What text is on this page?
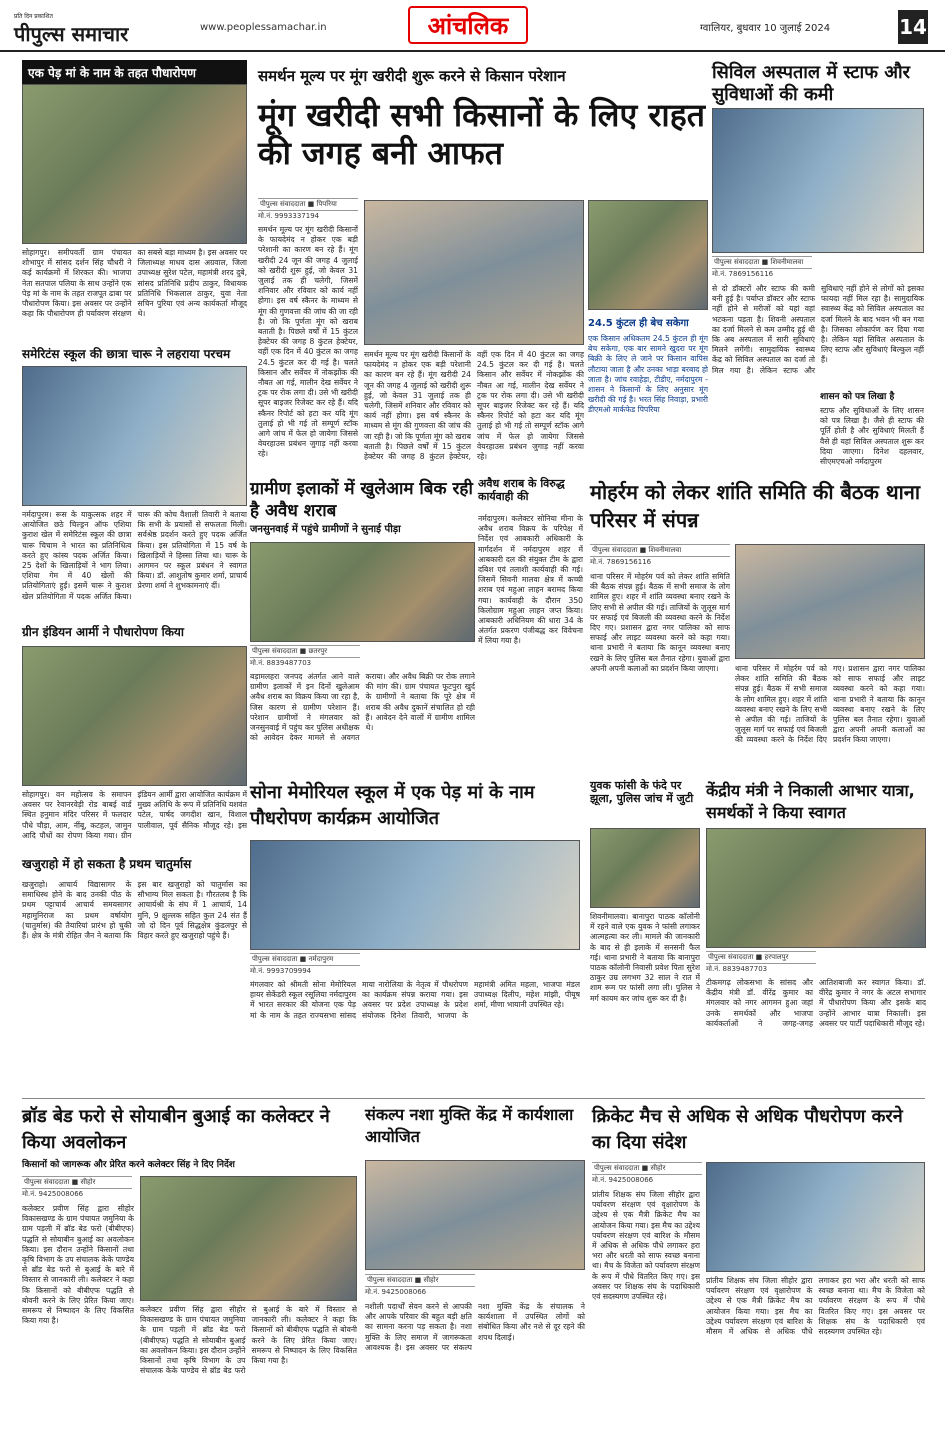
प्रति दिन प्रकाशित
पीपुल्स समाचार	www.peoplessamachar.in	आंचलिक	ग्वालियर, बुधवार 10 जुलाई 2024	14
एक पेड़ मां के नाम के तहत पौधारोपण
सोहागपुर। समीपवर्ती ग्राम पंचायत शोभापुर में सांसद दर्शन सिंह चौधरी ने कई कार्यक्रमों में शिरकत की। भाजपा नेता सतपाल पलिया के साथ उन्होंने एक पेड़ मां के नाम के तहत राजपूत ढाबा पर पौधारोपण किया। इस अवसर पर उन्होंने कहा कि पौधारोपण ही पर्यावरण संरक्षण का सबसे बड़ा माध्यम है। इस अवसर पर जिलाध्यक्ष माधव दास अग्रवाल, जिला उपाध्यक्ष सुरेश पटेल, महामंत्री शरद दुबे, सांसद प्रतिनिधि प्रदीप ठाकुर, विधायक प्रतिनिधि भिकलाल ठाकुर, युवा नेता सचिन पुरिया एवं अन्य कार्यकर्ता मौजूद थे।
समेरिटंस स्कूल की छात्रा चारू ने लहराया परचम
नर्मदापुरम। रूस के याकुत्सक शहर में आयोजित छठे चिल्ड्रन ऑफ एशिया कुराश खेल में समेरिटंस स्कूल की छात्रा चारू चिचाम ने भारत का प्रतिनिधित्व करते हुए कांस्य पदक अर्जित किया। 25 देशों के खिलाड़ियों ने भाग लिया। एशिया गेम में 40 खेलों की प्रतियोगिताएं हुईं। इसमें चारू ने कुराश खेल प्रतियोगिता में पदक अर्जित किया। चारू की कोच वैशाली तिवारी ने बताया कि सभी के प्रयासों से सफलता मिली। सर्वश्रेष्ठ प्रदर्शन करते हुए पदक अर्जित किया। इस प्रतियोगिता में 15 वर्ष के खिलाड़ियों ने हिस्सा लिया था। चारू के आगमन पर स्कूल प्रबंधन ने स्वागत किया। डॉ. आशुतोष कुमार शर्मा, प्राचार्य प्रेरणा शर्मा ने शुभकामनाएं दीं।
ग्रीन इंडियन आर्मी ने पौधारोपण किया
सोहागपुर। वन महोत्सव के समापन अवसर पर रेवानरवेड़ी रोड बाबई वार्ड स्थित हनुमान मंदिर परिसर में फलदार पौधे चौड़ा, आम, नींबू, कटहल, जामुन आदि पौधों का रोपण किया गया। ग्रीन इंडियन आर्मी द्वारा आयोजित कार्यक्रम में मुख्य अतिथि के रूप में प्रतिनिधि यशवंत पटेल, पार्षद जगदीश खान, विशाल पालीवाल, पूर्व सैनिक मौजूद रहे। इस
खजुराहो में हो सकता है प्रथम चातुर्मास
खजुराहो। आचार्य विद्यासागर के समाधिस्थ होने के बाद उनकी पीठ के प्रथम पट्टाचार्य आचार्य समयसागर महामुनिराज का प्रथम वर्षायोग (चातुर्मास) की तैयारियां प्रारंभ हो चुकी हैं। क्षेत्र के मंत्री रोहित जैन ने बताया कि इस बार खजुराहो को चातुर्मास का सौभाग्य मिल सकता है। गौरतलब है कि आचार्यश्री के संघ में 1 आचार्य, 14 मुनि, 9 क्षुल्लक सहित कुल 24 संत हैं जो दो दिन पूर्व सिद्धक्षेत्र कुंडलपुर से विहार करते हुए खजुराहो पहुंचे हैं।
समर्थन मूल्य पर मूंग खरीदी शुरू करने से किसान परेशान
मूंग खरीदी सभी किसानों के लिए राहत की जगह बनी आफत
पीपुल्स संवाददाता ■ पिपरिया
मो.नं. 9993337194
समर्थन मूल्य पर मूंग खरीदी किसानों के फायदेमंद न होकर एक बड़ी परेशानी का कारण बन रहे हैं। मूंग खरीदी 24 जून की जगह 4 जुलाई को खरीदी शुरू हुई, जो केवल 31 जुलाई तक ही चलेगी, जिसमें शनिवार और रविवार को कार्य नहीं होगा। इस वर्ष स्कैनर के माध्यम से मूंग की गुणवत्ता की जांच की जा रही है। जो कि पूर्णता मूंग को खराब बताती है। पिछले वर्षों में 15 कुंटल हेक्टेयर की जगह 8 कुंटल हेक्टेयर, वहीं एक दिन में 40 कुंटल का जगह 24.5 कुंटल कर दी गई है। चलते किसान और सर्वेयर में नोकझोंक की नौबत आ गई, मालीन देख सर्वेयर ने ट्रक पर रोक लगा दी। उसे भी खरीदी सूपर बाइजर रिजेक्ट कर रहे हैं। यदि स्कैनर रिपोर्ट को हटा कर यदि मूंग तुलाई हो भी गई तो सम्पूर्ण स्टॉक आगे जांच में फेल हो जायेगा जिससे वेयरहाउस प्रबंधन जुगाड़ नहीं करवा रहे।
समर्थन मूल्य पर मूंग खरीदी किसानों के फायदेमंद न होकर एक बड़ी परेशानी का कारण बन रहे हैं। मूंग खरीदी 24 जून की जगह 4 जुलाई को खरीदी शुरू हुई, जो केवल 31 जुलाई तक ही चलेगी, जिसमें शनिवार और रविवार को कार्य नहीं होगा। इस वर्ष स्कैनर के माध्यम से मूंग की गुणवत्ता की जांच की जा रही है। जो कि पूर्णता मूंग को खराब बताती है। पिछले वर्षों में 15 कुंटल हेक्टेयर की जगह 8 कुंटल हेक्टेयर, वहीं एक दिन में 40 कुंटल का जगह 24.5 कुंटल कर दी गई है। चलते किसान और सर्वेयर में नोकझोंक की नौबत आ गई, मालीन देख सर्वेयर ने ट्रक पर रोक लगा दी। उसे भी खरीदी सूपर बाइजर रिजेक्ट कर रहे हैं। यदि स्कैनर रिपोर्ट को हटा कर यदि मूंग तुलाई हो भी गई तो सम्पूर्ण स्टॉक आगे जांच में फेल हो जायेगा जिससे वेयरहाउस प्रबंधन जुगाड़ नहीं करवा रहे।
24.5 कुंटल ही बेच सकेगा
एक किसान अधिकतम 24.5 कुंटल ही मूंग बेच सकेगा, एक बार सामने खुदरा पर मूंग बिक्री के लिए ले जाने पर किसान वापिस लौटाया जाता है और उनका भाड़ा बरबाद हो जाता है। जांच रवाहेड़ा, टीडीए, नर्मदापुरम - शासन ने किसानों के लिए अनुसार मूंग खरीदी की गई है। भरत सिंह निवाड़ा, प्रभारी डीएमओ मार्कफेड पिपरिया
सिविल अस्पताल में स्टाफ और सुविधाओं की कमी
पीपुल्स संवाददाता ■ शिवनीमालवा
मो.नं. 7869156116
से दो डॉक्टरों और स्टाफ की कमी बनी हुई है। पर्याप्त डॉक्टर और स्टाफ नहीं होने से मरीजों को यहां वहां भटकना पड़ता है। शिवनी अस्पताल का दर्जा मिलने से कम उम्मीद हुई थी कि अब अस्पताल में सारी सुविधाएं मिलने लगेंगी। सामुदायिक स्वास्थ्य केंद्र को सिविल अस्पताल का दर्जा तो मिल गया है। लेकिन स्टाफ और सुविधाएं नहीं होने से लोगों को इसका फायदा नहीं मिल रहा है। सामुदायिक स्वास्थ्य केंद्र को सिविल अस्पताल का दर्जा मिलने के बाद भवन भी बन गया है। जिसका लोकार्पण कर दिया गया है। लेकिन यहां सिविल अस्पताल के लिए स्टाफ और सुविधाएं बिल्कुल नहीं हैं।
शासन को पत्र लिखा है
स्टाफ और सुविधाओं के लिए शासन को पत्र लिखा है। जैसे ही स्टाफ की पूर्ति होती है और सुविधाएं मिलती हैं वैसे ही यहां सिविल अस्पताल शुरू कर दिया जाएगा। दिनेश दहलवार, सीएमएचओ नर्मदापुरम
ग्रामीण इलाकों में खुलेआम बिक रही है अवैध शराब
जनसुनवाई में पहुंचे ग्रामीणों ने सुनाई पीड़ा
पीपुल्स संवाददाता ■ छतरपुर
मो.नं. 8839487703
बड़ामलहरा जनपद अंतर्गत आने वाले ग्रामीण इलाकों में इन दिनों खुलेआम अवैध शराब का विक्रय किया जा रहा है, जिस कारण से ग्रामीण परेशान हैं। परेशान ग्रामीणों ने मंगलवार को जनसुनवाई में पहुंच कर पुलिस अधीक्षक को आवेदन देकर मामले से अवगत कराया। और अवैध बिक्री पर रोक लगाने की मांग की। ग्राम पंचायत फूटपुरा खुर्द के ग्रामीणों ने बताया कि पूरे क्षेत्र में शराब की अवैध दुकानें संचालित हो रही हैं। आवेदन देने वालों में ग्रामीण शामिल थे।
अवैध शराब के विरुद्ध कार्यवाही की
नर्मदापुरम। कलेक्टर सोनिया मीना के अवैध शराब विक्रय के परिपेक्ष में निर्देश एवं आबकारी अधिकारी के मार्गदर्शन में नर्मदापुरम शहर में आबकारी दल की संयुक्त टीम के द्वारा दबिश एवं तलाशी कार्यवाही की गई। जिसमें सिवनी मालवा क्षेत्र में कच्ची शराब एवं महुआ लाहन बरामद किया गया। कार्यवाही के दौरान 350 किलोग्राम महुआ लाहन जप्त किया। आबकारी अधिनियम की धारा 34 के अंतर्गत प्रकरण पंजीबद्ध कर विवेचना में लिया गया है।
मोहर्रम को लेकर शांति समिति की बैठक थाना परिसर में संपन्न
पीपुल्स संवाददाता ■ शिवनीमालवा
मो.नं. 7869156116
थाना परिसर में मोहर्रम पर्व को लेकर शांति समिति की बैठक संपन्न हुई। बैठक में सभी समाज के लोग शामिल हुए। शहर में शांति व्यवस्था बनाए रखने के लिए सभी से अपील की गई। ताजियों के जुलूस मार्ग पर सफाई एवं बिजली की व्यवस्था करने के निर्देश दिए गए। प्रशासन द्वारा नगर पालिका को साफ सफाई और लाइट व्यवस्था करने को कहा गया। थाना प्रभारी ने बताया कि कानून व्यवस्था बनाए रखने के लिए पुलिस बल तैनात रहेगा। युवाओं द्वारा अपनी अपनी कलाओं का प्रदर्शन किया जाएगा।	थाना परिसर में मोहर्रम पर्व को लेकर शांति समिति की बैठक संपन्न हुई। बैठक में सभी समाज के लोग शामिल हुए। शहर में शांति व्यवस्था बनाए रखने के लिए सभी से अपील की गई। ताजियों के जुलूस मार्ग पर सफाई एवं बिजली की व्यवस्था करने के निर्देश दिए गए। प्रशासन द्वारा नगर पालिका को साफ सफाई और लाइट व्यवस्था करने को कहा गया। थाना प्रभारी ने बताया कि कानून व्यवस्था बनाए रखने के लिए पुलिस बल तैनात रहेगा। युवाओं द्वारा अपनी अपनी कलाओं का प्रदर्शन किया जाएगा।
सोना मेमोरियल स्कूल में एक पेड़ मां के नाम पौधरोपण कार्यक्रम आयोजित
पीपुल्स संवाददाता ■ नर्मदापुरम
मो.नं. 9993709994
मंगलवार को श्रीमती सोना मेमोरियल हायर सेकेंडरी स्कूल रसूलिया नर्मदापुरम में भारत सरकार की योजना एक पेड़ मां के नाम के तहत राज्यसभा सांसद माया नारोलिया के नेतृत्व में पौधरोपण का कार्यक्रम संपन्न कराया गया। इस अवसर पर प्रदेश उपाध्यक्ष के प्रदेश संयोजक दिनेश तिवारी, भाजपा के महामंत्री अमित महला, भाजपा मंडल उपाध्यक्ष दिलीप, महेश मांझी, पीयूष शर्मा, मीणा भायानी उपस्थित रहे।
युवक फांसी के फंदे पर झूला, पुलिस जांच में जुटी
शिवनीमालवा। बानापुरा पाठक कॉलोनी में रहने वाले एक युवक ने फांसी लगाकर आत्महत्या कर ली। मामले की जानकारी के बाद से ही इलाके में सनसनी फैल गई। थाना प्रभारी ने बताया कि बानापुरा पाठक कॉलोनी निवासी प्रवेश पिता सुरेश ठाकुर उम्र लगभग 32 साल ने रात में शाम रूम पर फांसी लगा ली। पुलिस ने मर्ग कायम कर जांच शुरू कर दी है।
केंद्रीय मंत्री ने निकाली आभार यात्रा, समर्थकों ने किया स्वागत
पीपुल्स संवाददाता ■ हरपालपुर
मो.नं. 8839487703
टीकमगढ़ लोकसभा के सांसद और केंद्रीय मंत्री डॉ. वीरेंद्र कुमार का मंगलवार को नगर आगमन हुआ जहां उनके समर्थकों और भाजपा कार्यकर्ताओं ने जगह-जगह आतिशबाजी कर स्वागत किया। डॉ. वीरेंद्र कुमार ने नगर के अटल सभागार में पौधारोपण किया और इसके बाद उन्होंने आभार यात्रा निकाली। इस अवसर पर पार्टी पदाधिकारी मौजूद रहे।
ब्रॉड बेड फरो से सोयाबीन बुआई का कलेक्टर ने किया अवलोकन
किसानों को जागरूक और प्रेरित करने कलेक्टर सिंह ने दिए निर्देश
पीपुल्स संवाददाता ■ सीहोर
मो.नं. 9425008066
कलेक्टर प्रवीण सिंह द्वारा सीहोर विकासखण्ड के ग्राम पंचायत जमुनिया के ग्राम पड़ली में ब्रॉड बेड फरो (बीबीएफ) पद्धति से सोयाबीन बुआई का अवलोकन किया। इस दौरान उन्होंने किसानों तथा कृषि विभाग के उप संचालक केके पाण्डेय से ब्रॉड बेड फरो से बुआई के बारे में विस्तार से जानकारी ली। कलेक्टर ने कहा कि किसानों को बीबीएफ पद्धति से बोवनी करने के लिए प्रेरित किया जाए। समरूप से निष्पादन के लिए विकसित किया गया है।
कलेक्टर प्रवीण सिंह द्वारा सीहोर विकासखण्ड के ग्राम पंचायत जमुनिया के ग्राम पड़ली में ब्रॉड बेड फरो (बीबीएफ) पद्धति से सोयाबीन बुआई का अवलोकन किया। इस दौरान उन्होंने किसानों तथा कृषि विभाग के उप संचालक केके पाण्डेय से ब्रॉड बेड फरो से बुआई के बारे में विस्तार से जानकारी ली। कलेक्टर ने कहा कि किसानों को बीबीएफ पद्धति से बोवनी करने के लिए प्रेरित किया जाए। समरूप से निष्पादन के लिए विकसित किया गया है।
संकल्प नशा मुक्ति केंद्र में कार्यशाला आयोजित
पीपुल्स संवाददाता ■ सीहोर
मो.नं. 9425008066
नशीली पदार्थों सेवन करने से आपकी और आपके परिवार की बहुत बड़ी क्षति का सामना करना पड़ सकता है। नशा मुक्ति के लिए समाज में जागरूकता आवश्यक है। इस अवसर पर संकल्प नशा मुक्ति केंद्र के संचालक ने कार्यशाला में उपस्थित लोगों को संबोधित किया और नशे से दूर रहने की शपथ दिलाई।
क्रिकेट मैच से अधिक से अधिक पौधरोपण करने का दिया संदेश
पीपुल्स संवाददाता ■ सीहोर
मो.नं. 9425008066
प्रांतीय शिक्षक संघ जिला सीहोर द्वारा पर्यावरण संरक्षण एवं वृक्षारोपण के उद्देश्य से एक मैत्री क्रिकेट मैच का आयोजन किया गया। इस मैच का उद्देश्य पर्यावरण संरक्षण एवं बारिश के मौसम में अधिक से अधिक पौधे लगाकर हरा भरा और धरती को साफ स्वच्छ बनाना था। मैच के विजेता को पर्यावरण संरक्षण के रूप में पौधे वितरित किए गए। इस अवसर पर शिक्षक संघ के पदाधिकारी एवं सदस्यगण उपस्थित रहे।
प्रांतीय शिक्षक संघ जिला सीहोर द्वारा पर्यावरण संरक्षण एवं वृक्षारोपण के उद्देश्य से एक मैत्री क्रिकेट मैच का आयोजन किया गया। इस मैच का उद्देश्य पर्यावरण संरक्षण एवं बारिश के मौसम में अधिक से अधिक पौधे लगाकर हरा भरा और धरती को साफ स्वच्छ बनाना था। मैच के विजेता को पर्यावरण संरक्षण के रूप में पौधे वितरित किए गए। इस अवसर पर शिक्षक संघ के पदाधिकारी एवं सदस्यगण उपस्थित रहे।
